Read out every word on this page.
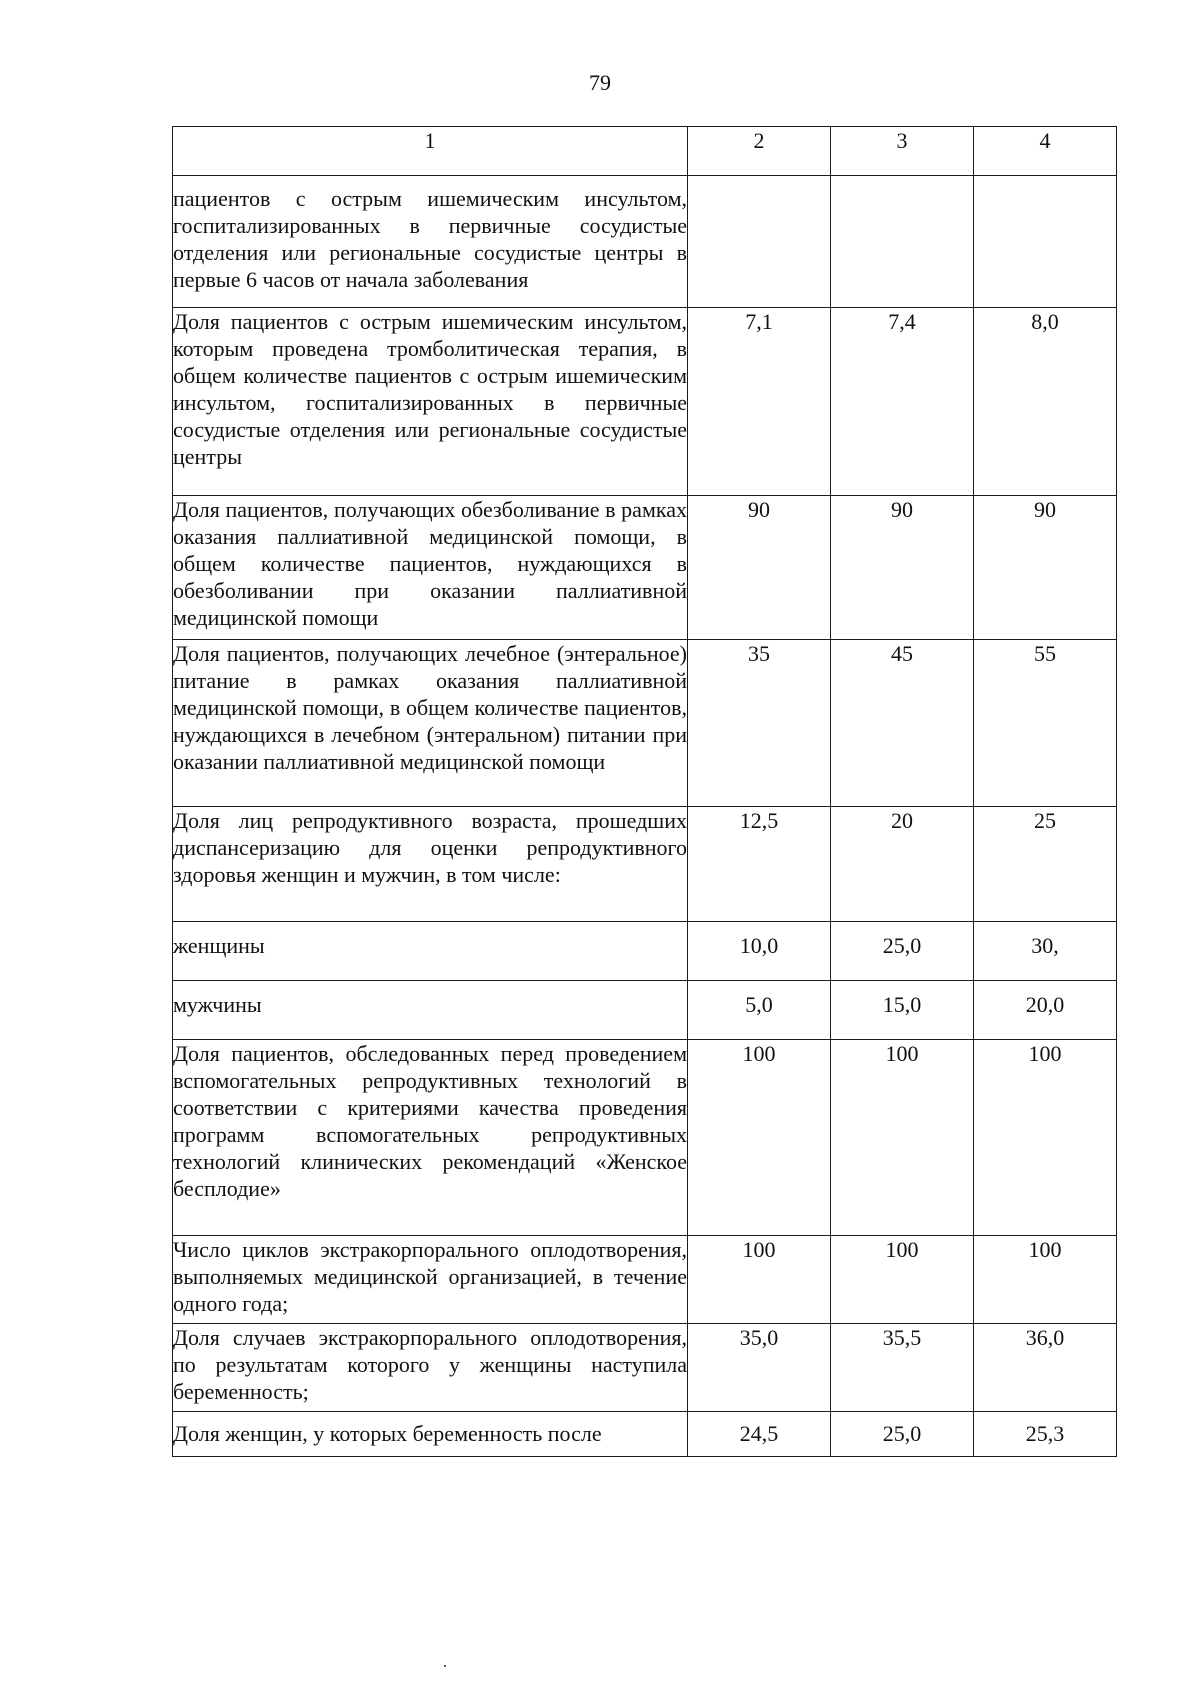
79
1	2	3	4
пациентов с острым ишемическим инсультом, госпитализированных в первичные сосудистые отделения или региональные сосудистые центры в первые 6 часов от начала заболевания			
Доля пациентов с острым ишемическим инсультом, которым проведена тромболитическая терапия, в общем количестве пациентов с острым ишемическим инсультом, госпитализированных в первичные сосудистые отделения или региональные сосудистые центры	7,1	7,4	8,0
Доля пациентов, получающих обезболивание в рамках оказания паллиативной медицинской помощи, в общем количестве пациентов, нуждающихся в обезболивании при оказании паллиативной медицинской помощи	90	90	90
Доля пациентов, получающих лечебное (энтеральное) питание в рамках оказания паллиативной медицинской помощи, в общем количестве пациентов, нуждающихся в лечебном (энтеральном) питании при оказании паллиативной медицинской помощи	35	45	55
Доля лиц репродуктивного возраста, прошедших диспансеризацию для оценки репродуктивного здоровья женщин и мужчин, в том числе:	12,5	20	25
женщины	10,0	25,0	30,
мужчины	5,0	15,0	20,0
Доля пациентов, обследованных перед проведением вспомогательных репродуктивных технологий в соответствии с критериями качества проведения программ вспомогательных репродуктивных технологий клинических рекомендаций «Женское бесплодие»	100	100	100
Число циклов экстракорпорального оплодотворения, выполняемых медицинской организацией, в течение одного года;	100	100	100
Доля случаев экстракорпорального оплодотворения, по результатам которого у женщины наступила беременность;	35,0	35,5	36,0
Доля женщин, у которых беременность после	24,5	25,0	25,3
